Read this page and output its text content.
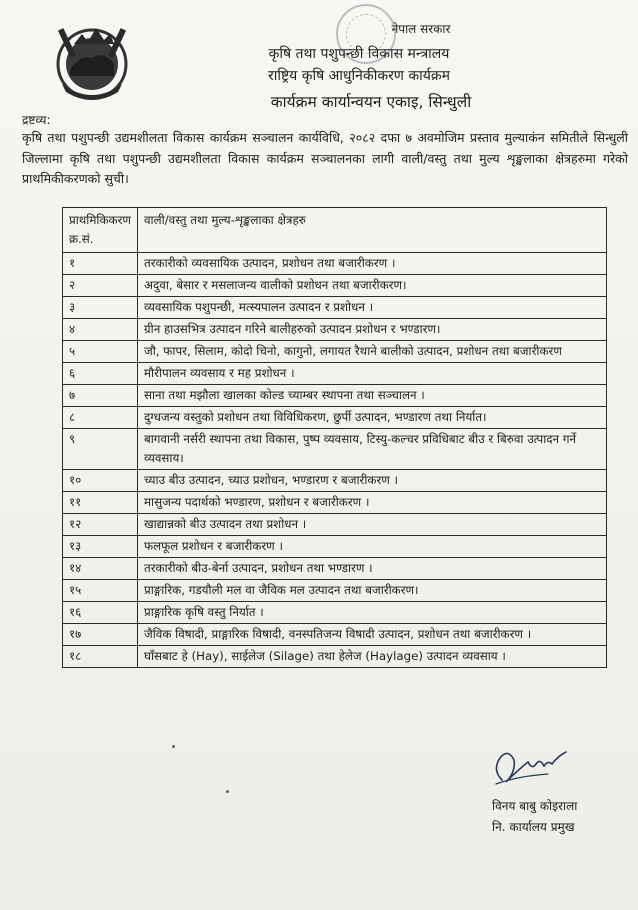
नेपाल सरकार
कृषि तथा पशुपन्छी विकास मन्त्रालय
राष्ट्रिय कृषि आधुनिकीकरण कार्यक्रम
कार्यक्रम कार्यान्वयन एकाइ, सिन्धुली
द्रष्टव्य:
कृषि तथा पशुपन्छी उद्यमशीलता विकास कार्यक्रम सञ्चालन कार्यविधि, २०८२ दफा ७ अवमोजिम प्रस्ताव मुल्याकंन समितीले सिन्धुली जिल्लामा कृषि तथा पशुपन्छी उद्यमशीलता विकास कार्यक्रम सञ्चालनका लागी वाली/वस्तु तथा मुल्य शृङ्खलाका क्षेत्रहरुमा गरेको प्राथमिकीकरणको सुची।
प्राथमिकिकरण
क्र.सं.	वाली/वस्तु तथा मुल्य-शृङ्खलाका क्षेत्रहरु
१	तरकारीको व्यवसायिक उत्पादन, प्रशोधन तथा बजारीकरण ।
२	अदुवा, बेसार र मसलाजन्य वालीको प्रशोधन तथा बजारीकरण।
३	व्यवसायिक पशुपन्छी, मत्स्यपालन उत्पादन र प्रशोधन ।
४	ग्रीन हाउसभित्र उत्पादन गरिने बालीहरुको उत्पादन प्रशोधन र भण्डारण।
५	जौ, फापर, सिलाम, कोदो चिनो, कागुनो, लगायत रैथाने बालीको उत्पादन, प्रशोधन तथा बजारीकरण
६	मौरीपालन व्यवसाय र मह प्रशोधन ।
७	साना तथा मझौला खालका कोल्ड च्याम्बर स्थापना तथा सञ्चालन ।
८	दुग्धजन्य वस्तुको प्रशोधन तथा विविधिकरण, छुर्पी उत्पादन, भण्डारण तथा निर्यात।
९	बागवानी नर्सरी स्थापना तथा विकास, पुष्प व्यवसाय, टिस्यु-कल्चर प्रविधिबाट बीउ र बिरुवा उत्पादन गर्ने व्यवसाय।
१०	च्याउ बीउ उत्पादन, च्याउ प्रशोधन, भण्डारण र बजारीकरण ।
११	मासुजन्य पदार्थको भण्डारण, प्रशोधन र बजारीकरण ।
१२	खाद्यान्नको बीउ उत्पादन तथा प्रशोधन ।
१३	फलफूल प्रशोधन र बजारीकरण ।
१४	तरकारीको बीउ-बेर्ना उत्पादन, प्रशोधन तथा भण्डारण ।
१५	प्राङ्गारिक, गडयौली मल वा जैविक मल उत्पादन तथा बजारीकरण।
१६	प्राङ्गारिक कृषि वस्तु निर्यात ।
१७	जैविक विषादी, प्राङ्गारिक विषादी, वनस्पतिजन्य विषादी उत्पादन, प्रशोधन तथा बजारीकरण ।
१८	घाँसबाट हे (Hay), साईलेज (Silage) तथा हेलेज (Haylage) उत्पादन व्यवसाय ।
विनय बाबु कोइराला
नि. कार्यालय प्रमुख
